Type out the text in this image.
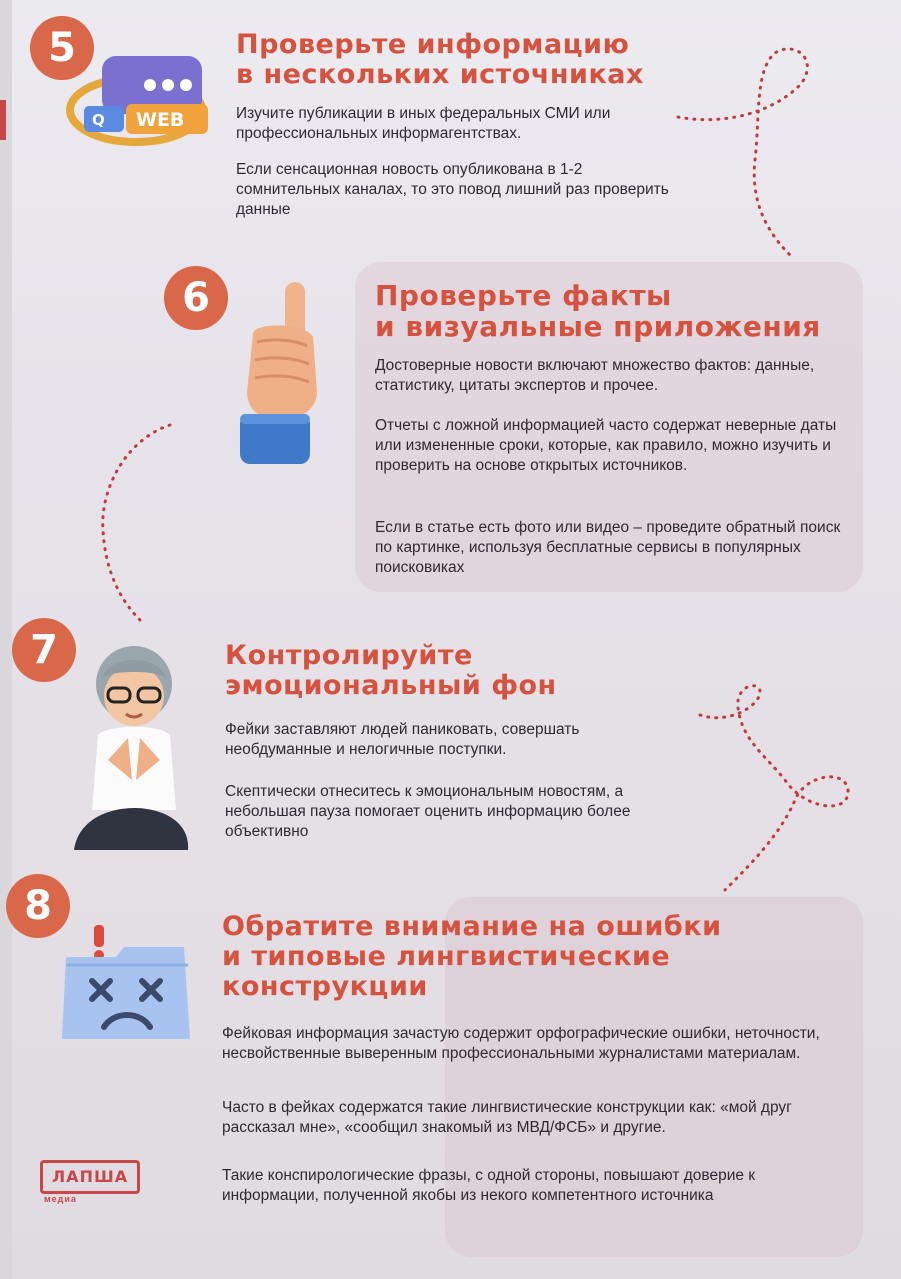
5
Q WEB
Проверьте информацию
в нескольких источниках

Изучите публикации в иных федеральных СМИ или профессиональных информагентствах.

Если сенсационная новость опубликована в 1-2 сомнительных каналах, то это повод лишний раз проверить данные

6	Проверьте факты
и визуальные приложения

Достоверные новости включают множество фактов: данные, статистику, цитаты экспертов и прочее.

Отчеты с ложной информацией часто содержат неверные даты или измененные сроки, которые, как правило, можно изучить и проверить на основе открытых источников.

Если в статье есть фото или видео – проведите обратный поиск по картинке, используя бесплатные сервисы в популярных поисковиках

7	Контролируйте
эмоциональный фон

Фейки заставляют людей паниковать, совершать необдуманные и нелогичные поступки.

Скептически отнеситесь к эмоциональным новостям, а небольшая пауза помогает оценить информацию более объективно

8	Обратите внимание на ошибки
и типовые лингвистические
конструкции

Фейковая информация зачастую содержит орфографические ошибки, неточности, несвойственные выверенным профессиональными журналистами материалам.

Часто в фейках содержатся такие лингвистические конструкции как: «мой друг рассказал мне», «сообщил знакомый из МВД/ФСБ» и другие.

Такие конспирологические фразы, с одной стороны, повышают доверие к информации, полученной якобы из некого компетентного источника

ЛАПША
медиа
